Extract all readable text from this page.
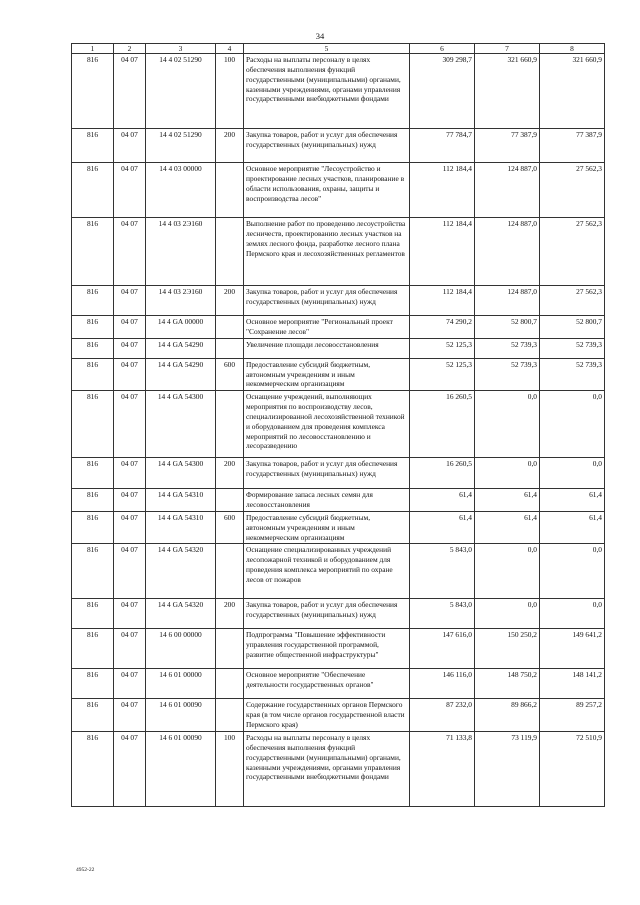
34
1	2	3	4	5	6	7	8
816	04 07	14 4 02 51290	100	Расходы на выплаты персоналу в целях обеспечения выполнения функций государственными (муниципальными) органами, казенными учреждениями, органами управления государственными внебюджетными фондами	309 298,7	321 660,9	321 660,9
816	04 07	14 4 02 51290	200	Закупка товаров, работ и услуг для обеспечения государственных (муниципальных) нужд	77 784,7	77 387,9	77 387,9
816	04 07	14 4 03 00000		Основное мероприятие "Лесоустройство и проектирование лесных участков, планирование в области использования, охраны, защиты и воспроизводства лесов"	112 184,4	124 887,0	27 562,3
816	04 07	14 4 03 2Э160		Выполнение работ по проведению лесоустройства лесничеств, проектированию лесных участков на землях лесного фонда, разработке лесного плана Пермского края и лесохозяйственных регламентов	112 184,4	124 887,0	27 562,3
816	04 07	14 4 03 2Э160	200	Закупка товаров, работ и услуг для обеспечения государственных (муниципальных) нужд	112 184,4	124 887,0	27 562,3
816	04 07	14 4 GA 00000		Основное мероприятие "Региональный проект "Сохранение лесов"	74 290,2	52 800,7	52 800,7
816	04 07	14 4 GA 54290		Увеличение площади лесовосстановления	52 125,3	52 739,3	52 739,3
816	04 07	14 4 GA 54290	600	Предоставление субсидий бюджетным, автономным учреждениям и иным некоммерческим организациям	52 125,3	52 739,3	52 739,3
816	04 07	14 4 GA 54300		Оснащение учреждений, выполняющих мероприятия по воспроизводству лесов, специализированной лесохозяйственной техникой и оборудованием для проведения комплекса мероприятий по лесовосстановлению и лесоразведению	16 260,5	0,0	0,0
816	04 07	14 4 GA 54300	200	Закупка товаров, работ и услуг для обеспечения государственных (муниципальных) нужд	16 260,5	0,0	0,0
816	04 07	14 4 GA 54310		Формирование запаса лесных семян для лесовосстановления	61,4	61,4	61,4
816	04 07	14 4 GA 54310	600	Предоставление субсидий бюджетным, автономным учреждениям и иным некоммерческим организациям	61,4	61,4	61,4
816	04 07	14 4 GA 54320		Оснащение специализированных учреждений лесопожарной техникой и оборудованием для проведения комплекса мероприятий по охране лесов от пожаров	5 843,0	0,0	0,0
816	04 07	14 4 GA 54320	200	Закупка товаров, работ и услуг для обеспечения государственных (муниципальных) нужд	5 843,0	0,0	0,0
816	04 07	14 6 00 00000		Подпрограмма "Повышение эффективности управления государственной программой, развитие общественной инфраструктуры"	147 616,0	150 250,2	149 641,2
816	04 07	14 6 01 00000		Основное мероприятие "Обеспечение деятельности государственных органов"	146 116,0	148 750,2	148 141,2
816	04 07	14 6 01 00090		Содержание государственных органов Пермского края (в том числе органов государственной власти Пермского края)	87 232,0	89 866,2	89 257,2
816	04 07	14 6 01 00090	100	Расходы на выплаты персоналу в целях обеспечения выполнения функций государственными (муниципальными) органами, казенными учреждениями, органами управления государственными внебюджетными фондами	71 133,8	73 119,9	72 510,9
4952-22
